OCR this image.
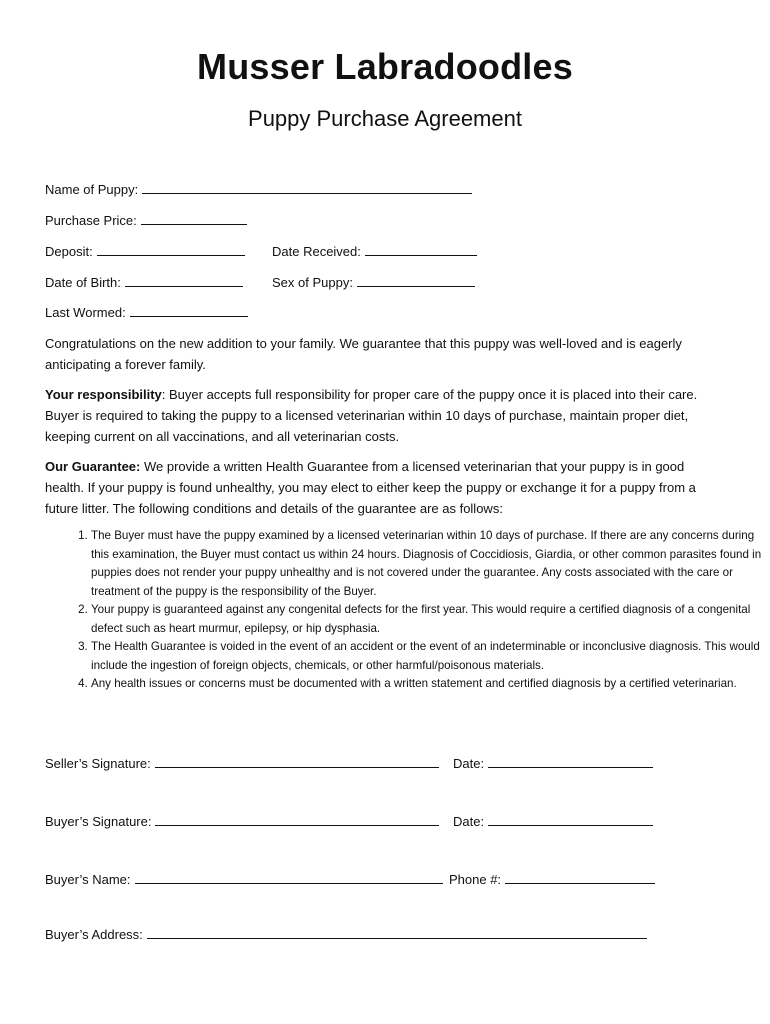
Musser Labradoodles
Puppy Purchase Agreement
Name of Puppy:
Purchase Price:
Deposit:	Date Received:
Date of Birth:	Sex of Puppy:
Last Wormed:
Congratulations on the new addition to your family. We guarantee that this puppy was well-loved and is eagerly anticipating a forever family.
Your responsibility: Buyer accepts full responsibility for proper care of the puppy once it is placed into their care. Buyer is required to taking the puppy to a licensed veterinarian within 10 days of purchase, maintain proper diet, keeping current on all vaccinations, and all veterinarian costs.
Our Guarantee: We provide a written Health Guarantee from a licensed veterinarian that your puppy is in good health. If your puppy is found unhealthy, you may elect to either keep the puppy or exchange it for a puppy from a future litter. The following conditions and details of the guarantee are as follows:
1. The Buyer must have the puppy examined by a licensed veterinarian within 10 days of purchase. If there are any concerns during this examination, the Buyer must contact us within 24 hours. Diagnosis of Coccidiosis, Giardia, or other common parasites found in puppies does not render your puppy unhealthy and is not covered under the guarantee. Any costs associated with the care or treatment of the puppy is the responsibility of the Buyer.
2. Your puppy is guaranteed against any congenital defects for the first year. This would require a certified diagnosis of a congenital defect such as heart murmur, epilepsy, or hip dysphasia.
3. The Health Guarantee is voided in the event of an accident or the event of an indeterminable or inconclusive diagnosis. This would include the ingestion of foreign objects, chemicals, or other harmful/poisonous materials.
4. Any health issues or concerns must be documented with a written statement and certified diagnosis by a certified veterinarian.
Seller’s Signature:	Date:
Buyer’s Signature:	Date:
Buyer’s Name:	Phone #:
Buyer’s Address:
